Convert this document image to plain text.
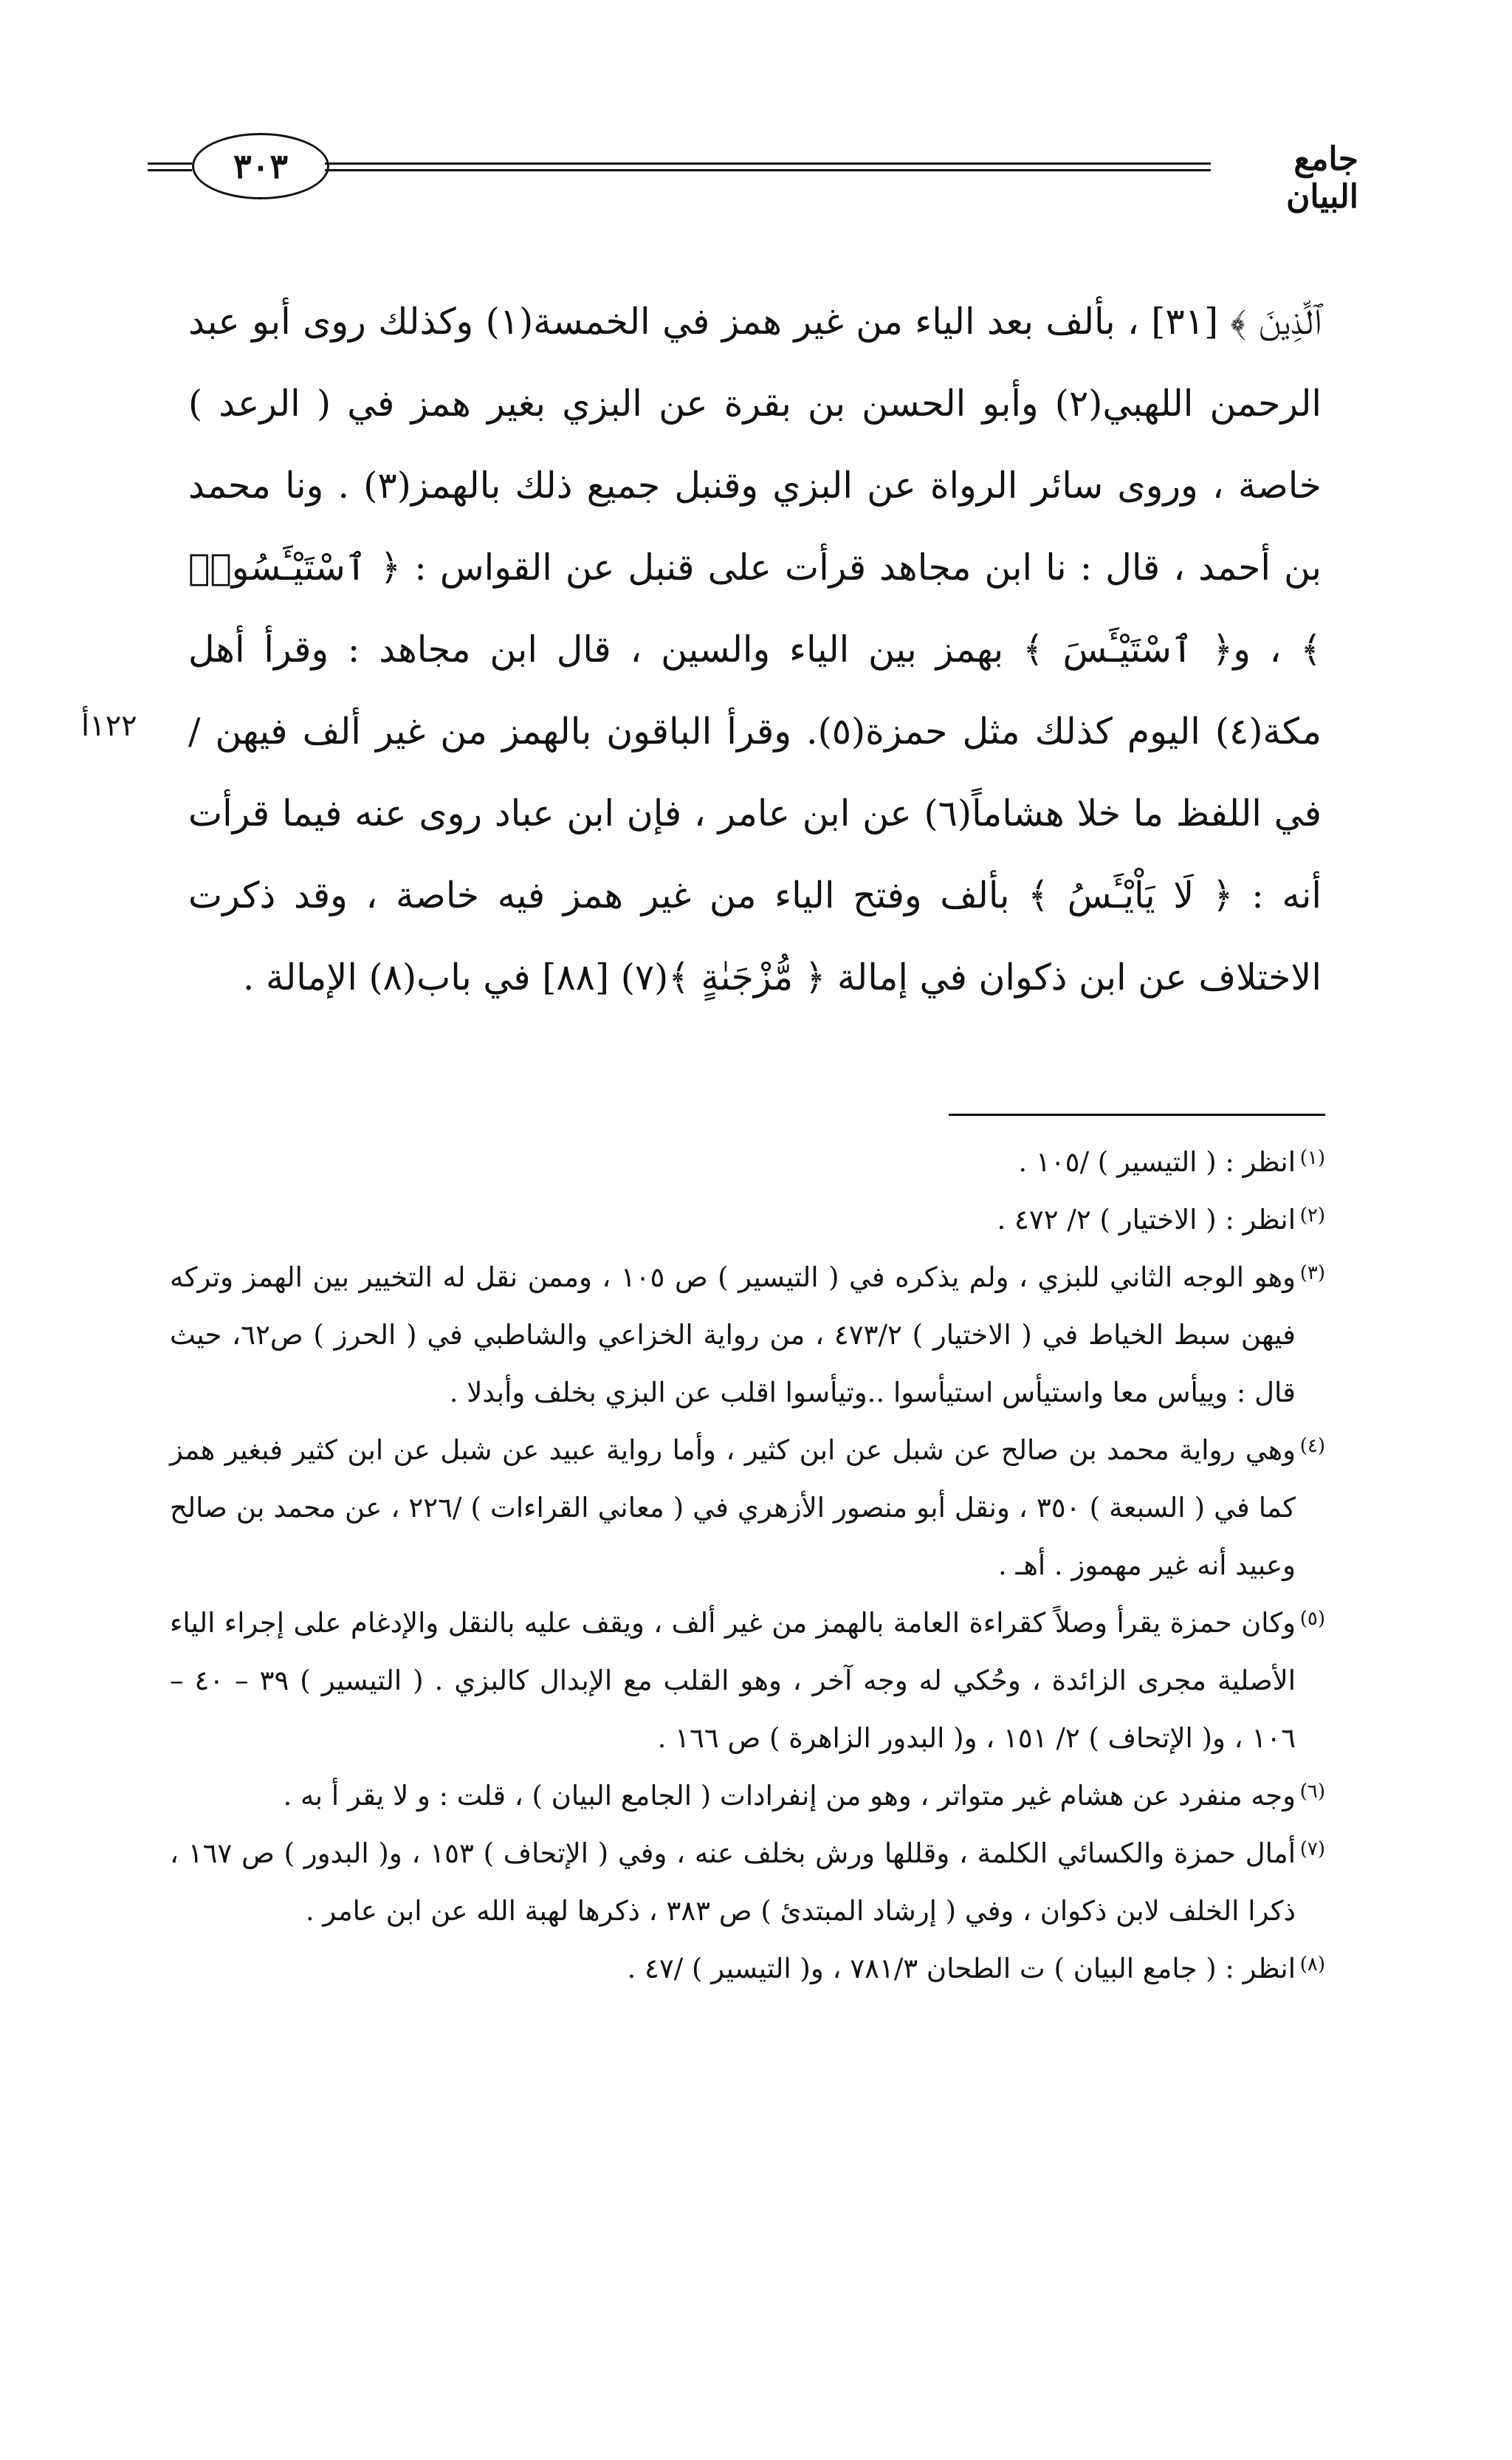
٣٠٣	جامع البيان

ﭐﻟَّﺬِﻳﻦَ ﴾ [٣١] ، بألف بعد الياء من غير همز في الخمسة(١) وكذلك روى أبو عبد الرحمن اللهبي(٢) وأبو الحسن بن بقرة عن البزي بغير همز في ( الرعد ) خاصة ، وروى سائر الرواة عن البزي وقنبل جميع ذلك بالهمز(٣) . ونا محمد بن أحمد ، قال : نا ابن مجاهد قرأت على قنبل عن القواس : ﴿ ٱسْتَيْـَٔسُوا۟ ﴾ ، و﴿ ٱسْتَيْـَٔسَ ﴾ بهمز بين الياء والسين ، قال ابن مجاهد : وقرأ أهل مكة(٤) اليوم كذلك مثل حمزة(٥). وقرأ الباقون بالهمز من غير ألف فيهن / في اللفظ ما خلا هشاماً(٦) عن ابن عامر ، فإن ابن عباد روى عنه فيما قرأت أنه : ﴿ لَا يَاْيْـَٔسُ ﴾ بألف وفتح الياء من غير همز فيه خاصة ، وقد ذكرت الاختلاف عن ابن ذكوان في إمالة ﴿ مُّزْجَىٰةٍ ﴾(٧) [٨٨] في باب(٨) الإمالة .

١٢٢أ

(١)
انظر : ( التيسير ) /١٠٥ .

(٢)
انظر : ( الاختيار ) ٢/ ٤٧٢ .

(٣)
وهو الوجه الثاني للبزي ، ولم يذكره في ( التيسير ) ص ١٠٥ ، وممن نقل له التخيير بين الهمز وتركه فيهن سبط الخياط في ( الاختيار ) ٤٧٣/٢ ، من رواية الخزاعي والشاطبي في ( الحرز ) ص٦٢، حيث قال : وييأس معا واستيأس استيأسوا ..وتيأسوا اقلب عن البزي بخلف وأبدلا .

(٤)
وهي رواية محمد بن صالح عن شبل عن ابن كثير ، وأما رواية عبيد عن شبل عن ابن كثير فبغير همز كما في ( السبعة ) ٣٥٠ ، ونقل أبو منصور الأزهري في ( معاني القراءات ) /٢٢٦ ، عن محمد بن صالح وعبيد أنه غير مهموز . أهـ .

(٥)
وكان حمزة يقرأ وصلاً كقراءة العامة بالهمز من غير ألف ، ويقف عليه بالنقل والإدغام على إجراء الياء الأصلية مجرى الزائدة ، وحُكي له وجه آخر ، وهو القلب مع الإبدال كالبزي . ( التيسير ) ٣٩ – ٤٠ – ١٠٦ ، و( الإتحاف ) ٢/ ١٥١ ، و( البدور الزاهرة ) ص ١٦٦ .

(٦)
وجه منفرد عن هشام غير متواتر ، وهو من إنفرادات ( الجامع البيان ) ، قلت : و لا يقر أ به .

(٧)
أمال حمزة والكسائي الكلمة ، وقللها ورش بخلف عنه ، وفي ( الإتحاف ) ١٥٣ ، و( البدور ) ص ١٦٧ ، ذكرا الخلف لابن ذكوان ، وفي ( إرشاد المبتدئ ) ص ٣٨٣ ، ذكرها لهبة الله عن ابن عامر .

(٨)
انظر : ( جامع البيان ) ت الطحان ٧٨١/٣ ، و( التيسير ) /٤٧ .
